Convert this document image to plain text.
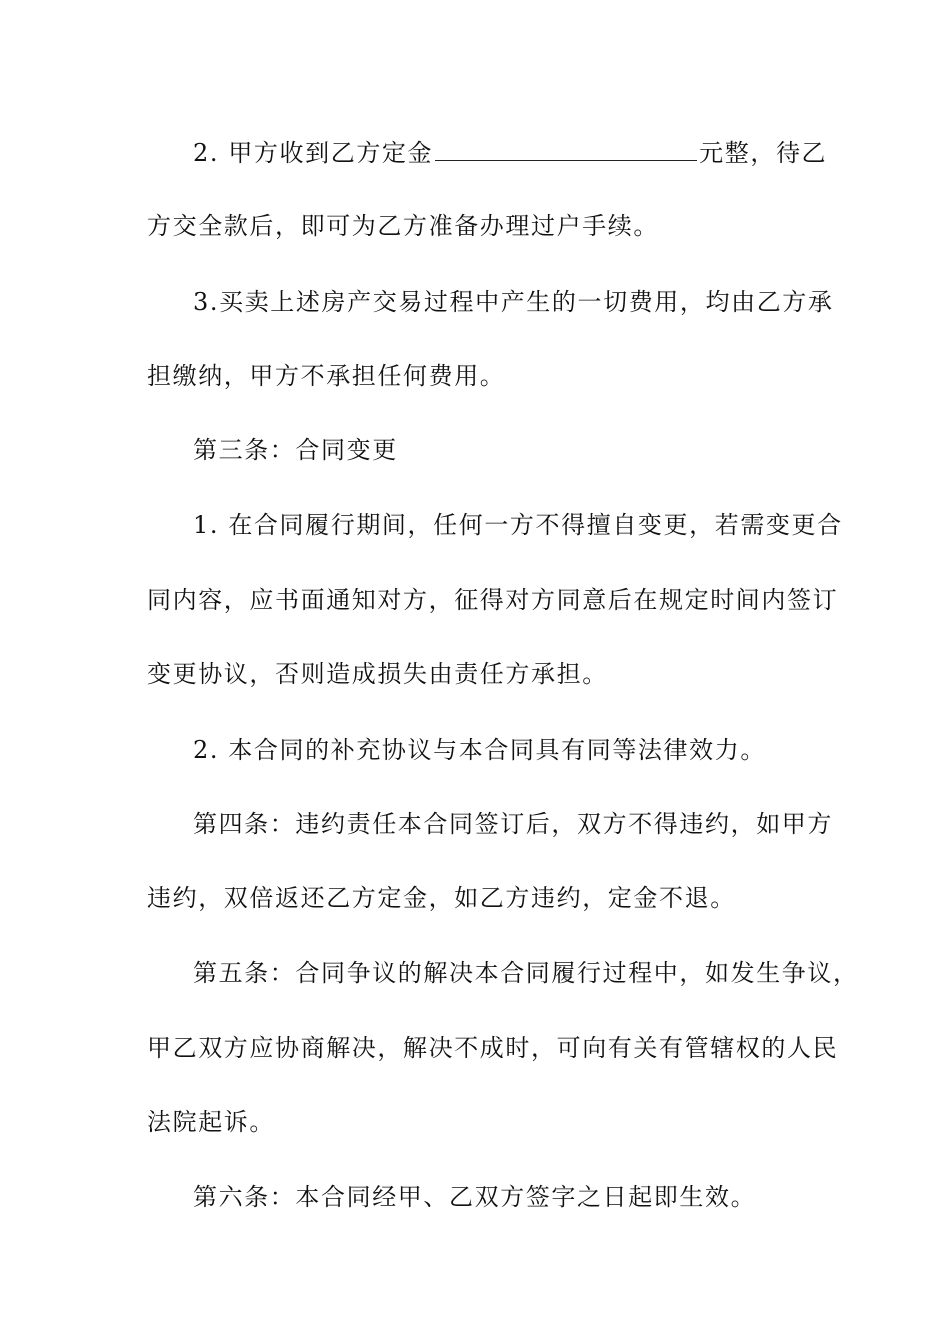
2. 甲方收到乙方定金	元整，待乙
方交全款后，即可为乙方准备办理过户手续。
3.买卖上述房产交易过程中产生的一切费用，均由乙方承
担缴纳，甲方不承担任何费用。
第三条：合同变更
1. 在合同履行期间，任何一方不得擅自变更，若需变更合
同内容，应书面通知对方，征得对方同意后在规定时间内签订
变更协议，否则造成损失由责任方承担。
2. 本合同的补充协议与本合同具有同等法律效力。
第四条：违约责任本合同签订后，双方不得违约，如甲方
违约，双倍返还乙方定金，如乙方违约，定金不退。
第五条：合同争议的解决本合同履行过程中，如发生争议，
甲乙双方应协商解决，解决不成时，可向有关有管辖权的人民
法院起诉。
第六条：本合同经甲、乙双方签字之日起即生效。
